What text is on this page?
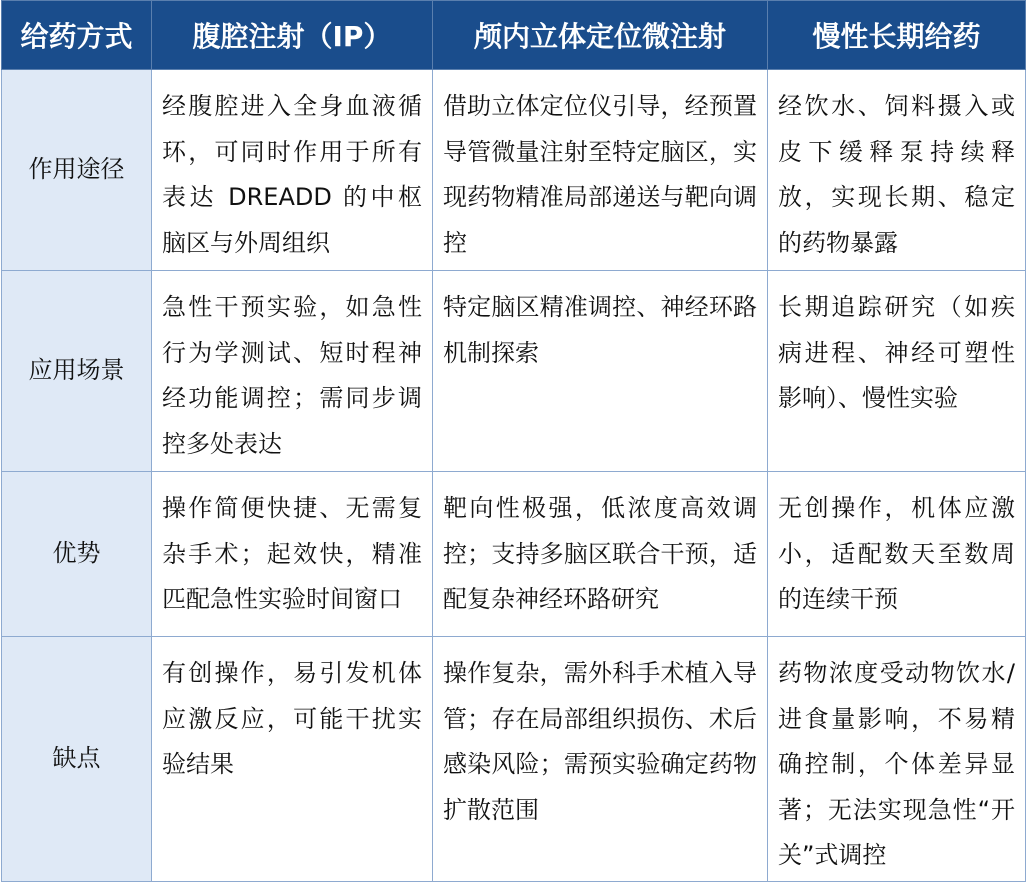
给药方式	腹腔注射（IP）	颅内立体定位微注射	慢性长期给药
作用途径	经腹腔进入全身血液循环，可同时作用于所有表达 DREADD 的中枢脑区与外周组织	借助立体定位仪引导，经预置导管微量注射至特定脑区，实现药物精准局部递送与靶向调控	经饮水、饲料摄入或皮下缓释泵持续释放，实现长期、稳定的药物暴露
应用场景	急性干预实验，如急性行为学测试、短时程神经功能调控；需同步调控多处表达	特定脑区精准调控、神经环路机制探索	长期追踪研究（如疾病进程、神经可塑性影响）、慢性实验
优势	操作简便快捷、无需复杂手术；起效快，精准匹配急性实验时间窗口	靶向性极强，低浓度高效调控；支持多脑区联合干预，适配复杂神经环路研究	无创操作，机体应激小，适配数天至数周的连续干预
缺点	有创操作，易引发机体应激反应，可能干扰实验结果	操作复杂，需外科手术植入导管；存在局部组织损伤、术后感染风险；需预实验确定药物扩散范围	药物浓度受动物饮水/进食量影响，不易精确控制，个体差异显著；无法实现急性“开关”式调控
